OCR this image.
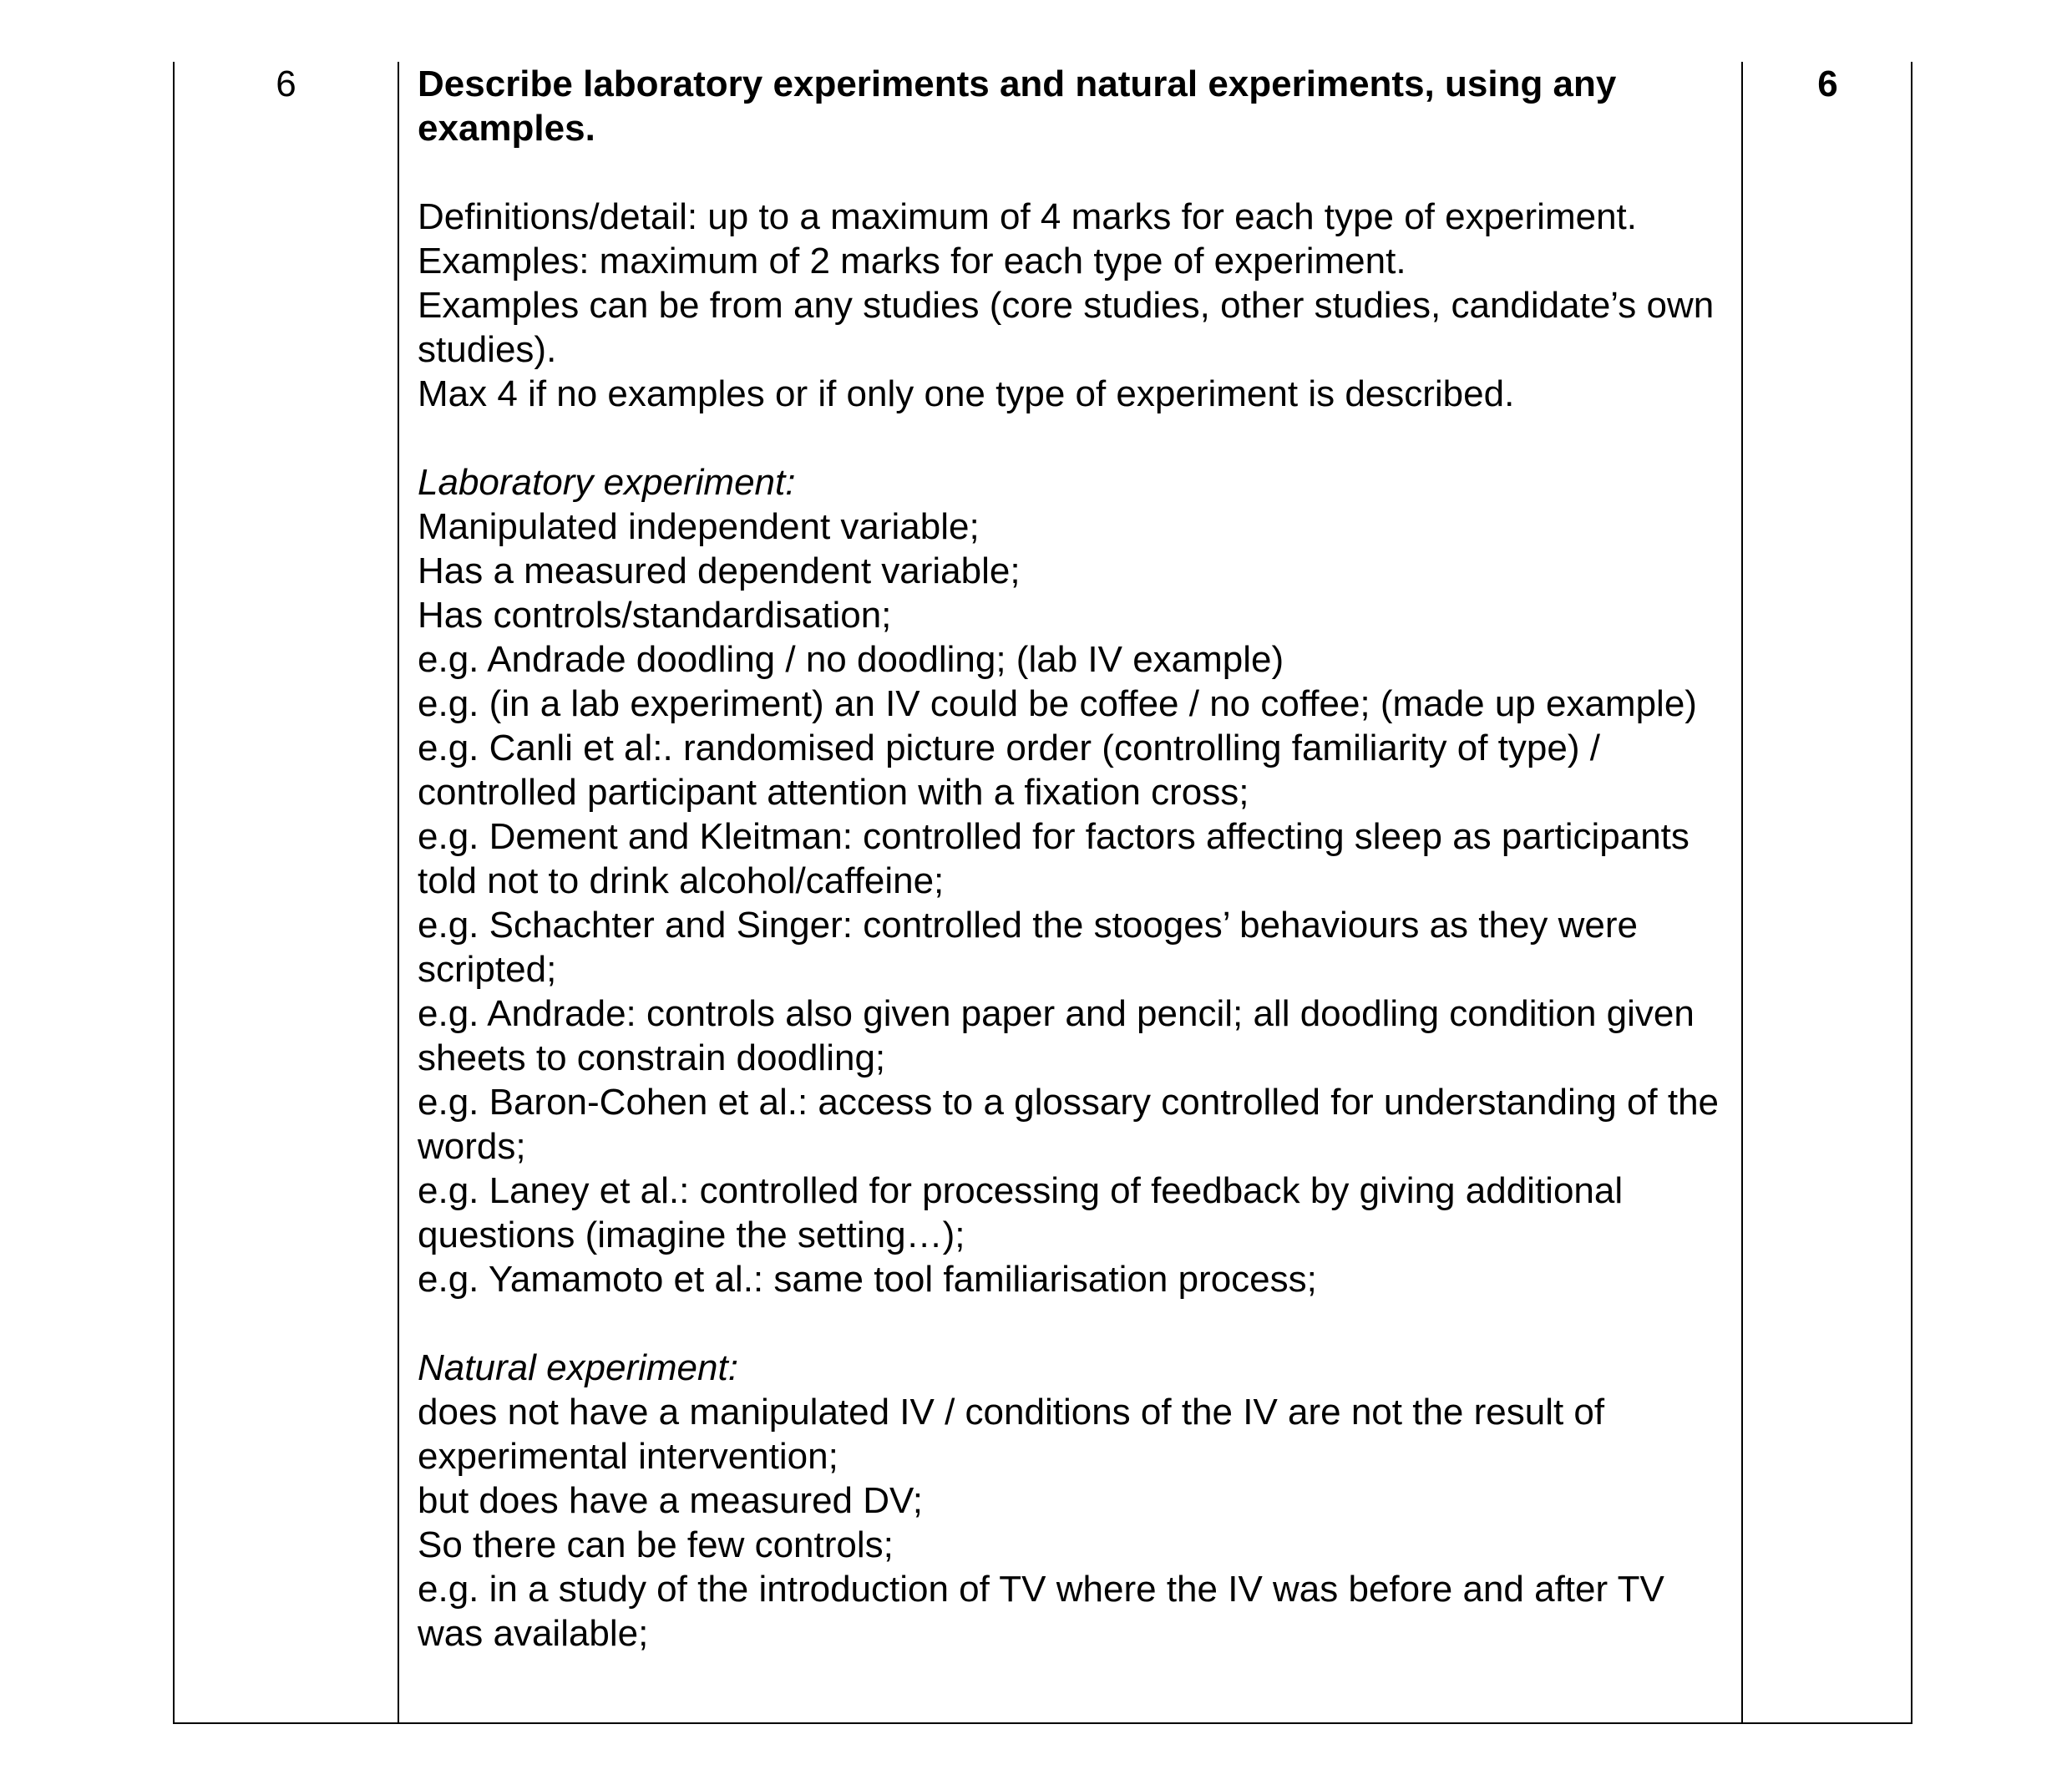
6	Describe laboratory experiments and natural experiments, using any examples.

Definitions/detail: up to a maximum of 4 marks for each type of experiment.
Examples: maximum of 2 marks for each type of experiment.
Examples can be from any studies (core studies, other studies, candidate’s own studies).
Max 4 if no examples or if only one type of experiment is described.
Laboratory experiment:
Manipulated independent variable;
Has a measured dependent variable;
Has controls/standardisation;
e.g. Andrade doodling / no doodling; (lab IV example)
e.g. (in a lab experiment) an IV could be coffee / no coffee; (made up example)
e.g. Canli et al:. randomised picture order (controlling familiarity of type) / controlled participant attention with a fixation cross;
e.g. Dement and Kleitman: controlled for factors affecting sleep as participants told not to drink alcohol/caffeine;
e.g. Schachter and Singer: controlled the stooges’ behaviours as they were scripted;
e.g. Andrade: controls also given paper and pencil; all doodling condition given sheets to constrain doodling;
e.g. Baron-Cohen et al.: access to a glossary controlled for understanding of the words;
e.g. Laney et al.: controlled for processing of feedback by giving additional questions (imagine the setting…);
e.g. Yamamoto et al.: same tool familiarisation process;
Natural experiment:
does not have a manipulated IV / conditions of the IV are not the result of experimental intervention;
but does have a measured DV;
So there can be few controls;
e.g. in a study of the introduction of TV where the IV was before and after TV was available;
6
